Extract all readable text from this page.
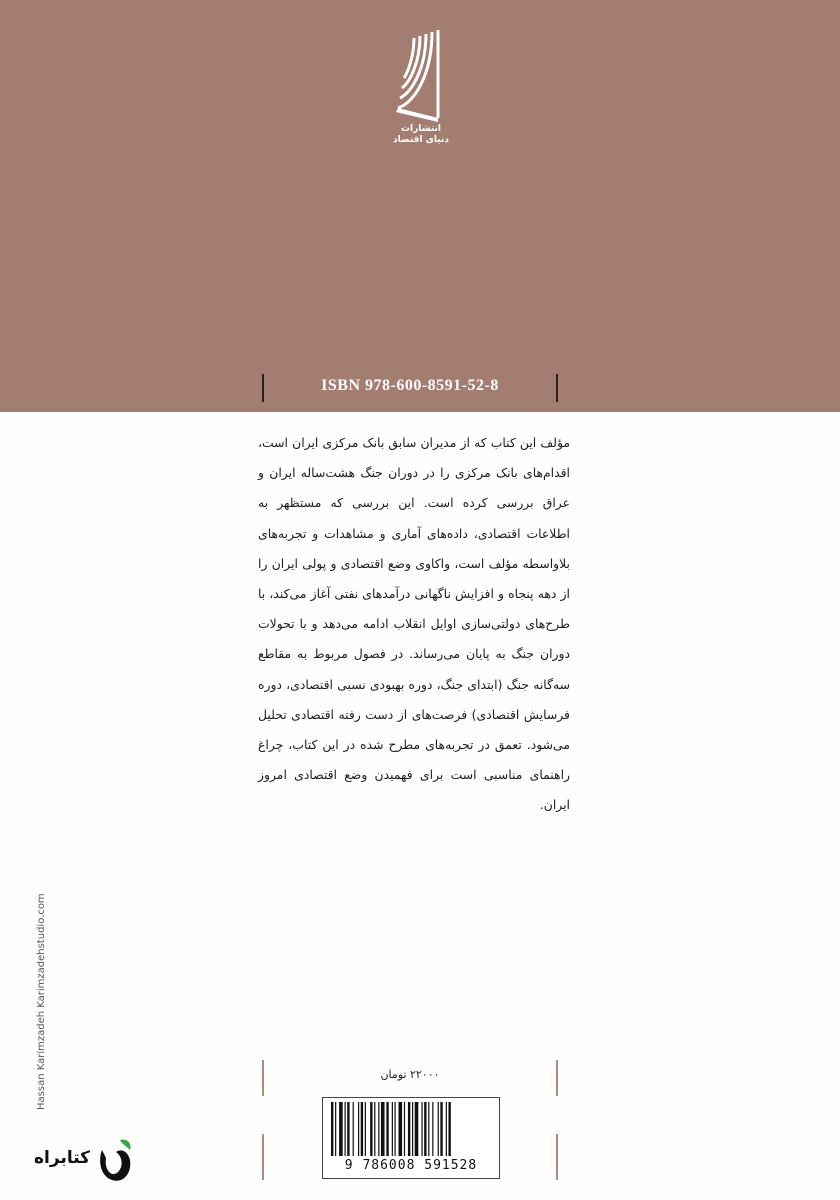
انتشارات
دنیای اقتصاد
ISBN 978-600-8591-52-8
مؤلف این کتاب که از مدیران سابق بانک مرکزی ایران است، اقدام‌های بانک مرکزی را در دوران جنگ هشت‌ساله ایران و عراق بررسی کرده است. این بررسی که مستظهر به اطلاعات اقتصادی، داده‌های آماری و مشاهدات و تجربه‌های بلاواسطه مؤلف است، واکاوی وضع اقتصادی و پولی ایران را از دهه پنجاه و افزایش ناگهانی درآمدهای نفتی آغاز می‌کند، با طرح‌های دولتی‌سازی اوایل انقلاب ادامه می‌دهد و با تحولات دوران جنگ به پایان می‌رساند. در فصول مربوط به مقاطع سه‌گانه جنگ (ابتدای جنگ، دوره بهبودی نسبی اقتصادی، دوره فرسایش اقتصادی) فرصت‌های از دست رفته اقتصادی تحلیل می‌شود. تعمق در تجربه‌های مطرح شده در این کتاب، چراغ راهنمای مناسبی است برای فهمیدن وضع اقتصادی امروز ایران.
Hassan Karimzadeh Karimzadehstudio.com	۲۲۰۰۰ تومان
9 786008 591528
کتابراه
